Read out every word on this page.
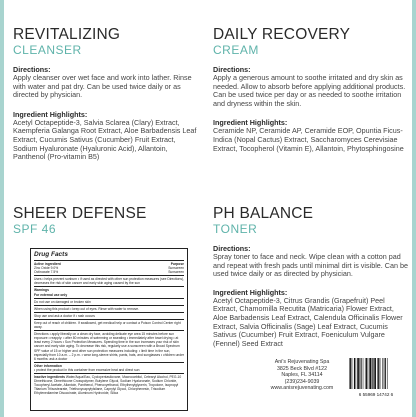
REVITALIZING
CLEANSER
Directions:
Apply cleanser over wet face and work into lather. Rinse with water and pat dry. Can be used twice daily or as directed by physician.
Ingredient Highlights:
Acetyl Octapeptide-3, Salvia Sclarea (Clary) Extract, Kaempferia Galanga Root Extract, Aloe Barbadensis Leaf Extract, Cucumis Sativus (Cucumber) Fruit Extract, Sodium Hyaluronate (Hyaluronic Acid), Allantoin, Panthenol (Pro-vitamin B5)
DAILY RECOVERY
CREAM
Directions:
Apply a generous amount to soothe irritated and dry skin as needed. Allow to absorb before applying additional products. Can be used twice per day or as needed to soothe irritation and dryness within the skin.
Ingredient Highlights:
Ceramide NP, Ceramide AP, Ceramide EOP, Opuntia Ficus-Indica (Nopal Cactus) Extract, Saccharomyces Cerevisiae Extract, Tocopherol (Vitamin E), Allantoin, Phytosphingosine
SHEER DEFENSE
SPF 46
Drug Facts
Active ingredient	Purpose
Zinc Oxide 9.0%	Sunscreen
Octinoxate 7.5%	Sunscreen
Uses • helps prevent sunburn • if used as directed with other sun protection measures (see Directions), decreases the risk of skin cancer and early skin aging caused by the sun
Warnings
For external use only
Do not use on damaged or broken skin
When using this product • keep out of eyes. Rinse with water to remove.
Stop use and ask a doctor if • rash occurs
Keep out of reach of children. If swallowed, get medical help or contact a Poison Control Center right away.
Directions • apply liberally on a clean dry face, avoiding delicate eye area 15 minutes before sun exposure • reapply: • after 80 minutes of swimming or sweating • immediately after towel drying • at least every 2 hours • Sun Protection Measures. Spending time in the sun increases your risk of skin cancer and early skin aging. To decrease this risk, regularly use a sunscreen with a Broad Spectrum SPF value of 15 or higher and other sun protection measures including: • limit time in the sun, especially from 10 a.m. – 2 p.m. • wear long-sleeve shirts, pants, hats, and sunglasses • children under 6 months: ask a doctor
Other information
• protect the product in this container from excessive heat and direct sun
Inactive ingredients Water/Aqua/Eau, Cyclopentasiloxane, Macrocarbitol, Cetearyl Alcohol, PEG-10 Dimethicone, Dimethicone Crosspolymer, Butylene Glycol, Sodium Hyaluronate, Sodium Chloride, Tocopheryl Acetate, Allantoin, Panthenol, Phenoxyethanol, Ethylhexylglycerin, Tropolone, Isopropyl Titanium Triisostearate, Triethoxycaprylylsilane, Caprylyl Glycol, Chlorphenesin, Trisodium Ethylenediamine Disuccinate, Aluminum Hydroxide, Silica
PH BALANCE
TONER
Directions:
Spray toner to face and neck. Wipe clean with a cotton pad and repeat with fresh pads until minimal dirt is visible. Can be used twice daily or as directed by physician.
Ingredient Highlights:
Acetyl Octapeptide-3, Citrus Grandis (Grapefruit) Peel Extract, Chamomilla Recutita (Matricaria) Flower Extract, Aloe Barbadensis Leaf Extract, Calendula Officinalis Flower Extract, Salvia Officinalis (Sage) Leaf Extract, Cucumis Sativus (Cucumber) Fruit Extract, Foeniculum Vulgare (Fennel) Seed Extract
Ani's Rejuvenating Spa
3825 Beck Blvd #122
Naples, FL 34114
(239)234-9039
www.anisrejuvenating.com
6 55969 14742 6
